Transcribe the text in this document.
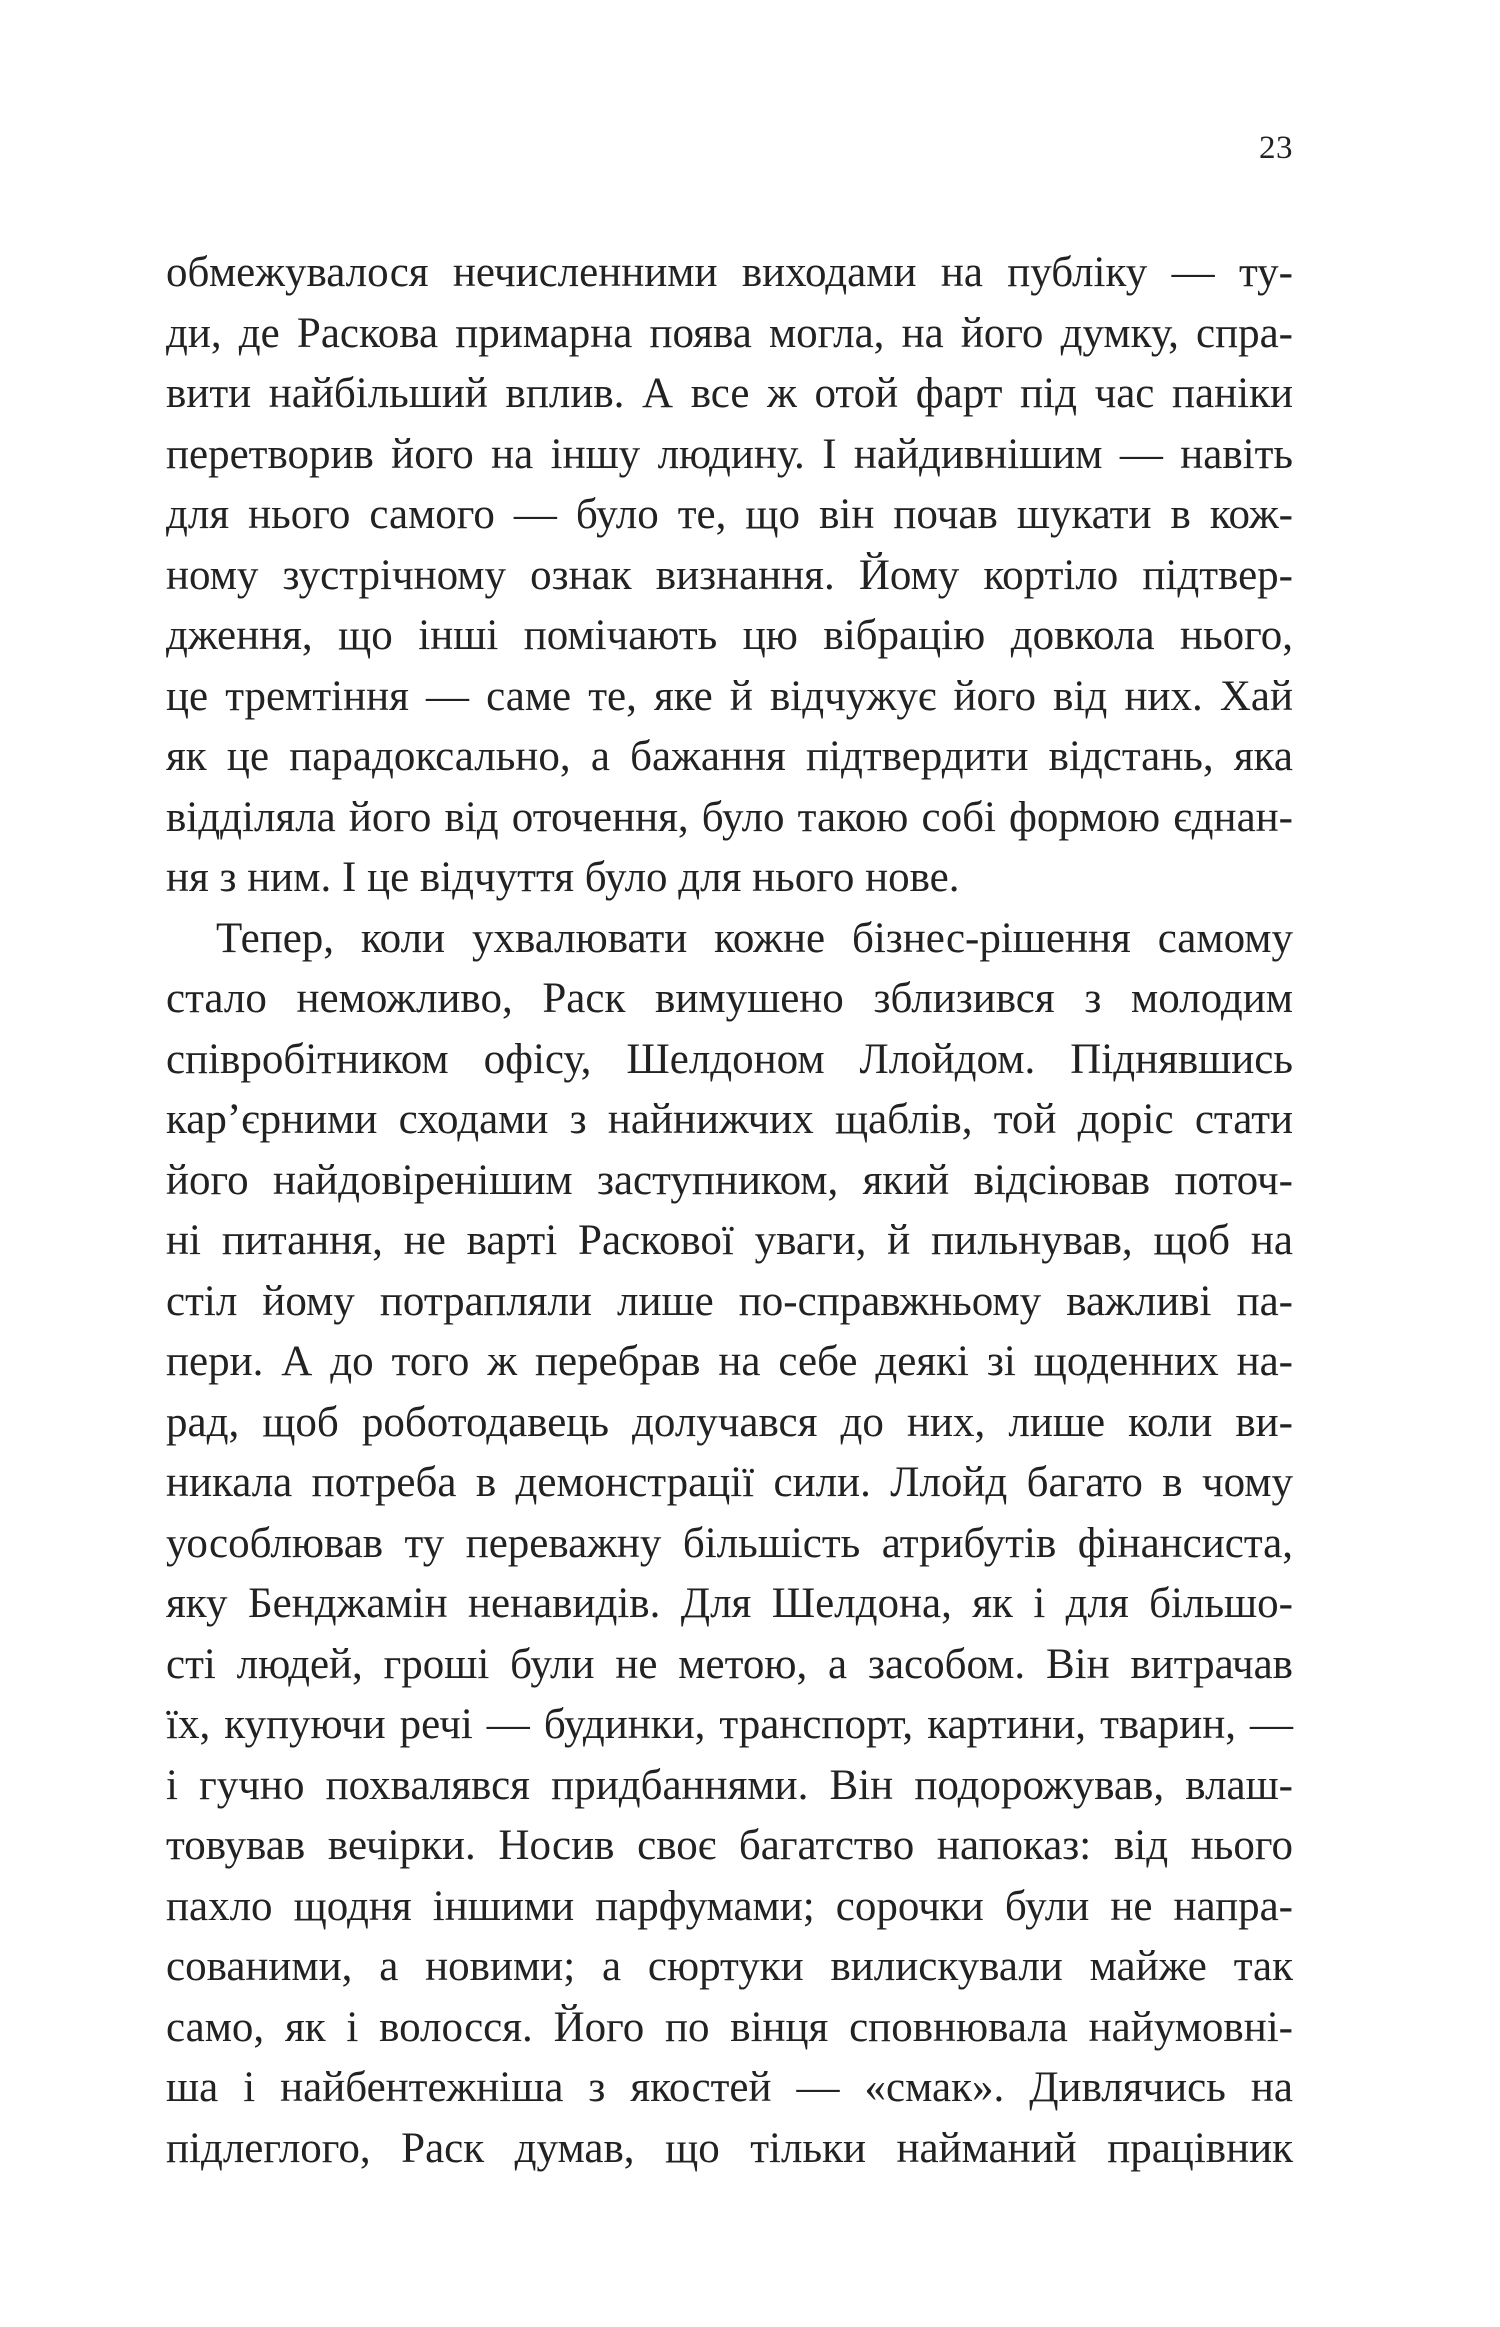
23
обмежувалося нечисленними виходами на публіку — ту-
ди, де Раскова примарна поява могла, на його думку, спра-
вити найбільший вплив. А все ж отой фарт під час паніки
перетворив його на іншу людину. І найдивнішим — навіть
для нього самого — було те, що він почав шукати в кож-
ному зустрічному ознак визнання. Йому кортіло підтвер-
дження, що інші помічають цю вібрацію довкола нього,
це тремтіння — саме те, яке й відчужує його від них. Хай
як це парадоксально, а бажання підтвердити відстань, яка
відділяла його від оточення, було такою собі формою єднан-
ня з ним. І це відчуття було для нього нове.
Тепер, коли ухвалювати кожне бізнес-рішення самому
стало неможливо, Раск вимушено зблизився з молодим
співробітником офісу, Шелдоном Ллойдом. Піднявшись
кар’єрними сходами з найнижчих щаблів, той доріс стати
його найдовіренішим заступником, який відсіював поточ-
ні питання, не варті Раскової уваги, й пильнував, щоб на
стіл йому потрапляли лише по-справжньому важливі па-
пери. А до того ж перебрав на себе деякі зі щоденних на-
рад, щоб роботодавець долучався до них, лише коли ви-
никала потреба в демонстрації сили. Ллойд багато в чому
уособлював ту переважну більшість атрибутів фінансиста,
яку Бенджамін ненавидів. Для Шелдона, як і для більшо-
сті людей, гроші були не метою, а засобом. Він витрачав
їх, купуючи речі — будинки, транспорт, картини, тварин, —
і гучно похвалявся придбаннями. Він подорожував, влаш-
товував вечірки. Носив своє багатство напоказ: від нього
пахло щодня іншими парфумами; сорочки були не напра-
сованими, а новими; а сюртуки вилискували майже так
само, як і волосся. Його по вінця сповнювала найумовні-
ша і найбентежніша з якостей — «смак». Дивлячись на
підлеглого, Раск думав, що тільки найманий працівник
